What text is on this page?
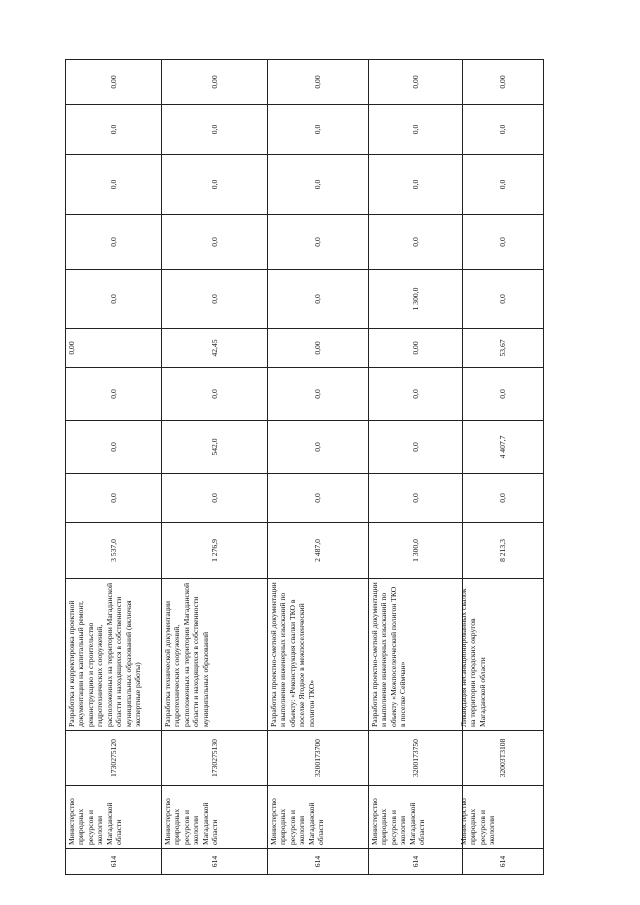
614	Министерство природных ресурсов и экологии Магаданской области	1730275120	Разработка и корректировка проектной документации на капитальный ремонт, реконструкцию и строительство гидротехнических сооружений, расположенных на территории Магаданской области и находящихся в собственности муниципальных образований (включая экспертные работы)	3 537,0	0,0	0,0	0,0	0,00	0,0	0,0	0,0	0,0	0,00
614	Министерство природных ресурсов и экологии Магаданской области	1730275130	Разработка технической документации гидротехнических сооружений, расположенных на территории Магаданской области и находящихся в собственности муниципальных образований	1 276,9	0,0	542,0	0,0	42,45	0,0	0,0	0,0	0,0	0,00
614	Министерство природных ресурсов и экологии Магаданской области	3200173700	Разработка проектно-сметной документации и выполнение инженерных изысканий по объекту: «Реконструкция свалки ТКО в поселке Ягодное в межпоселенческий полигон ТКО»	2 487,0	0,0	0,0	0,0	0,00	0,0	0,0	0,0	0,0	0,00
614	Министерство природных ресурсов и экологии Магаданской области	3200173750	Разработка проектно-сметной документации и выполнение инженерных изысканий по объекту «Межпоселенческий полигон ТКО в поселке Сеймчан»	1 300,0	0,0	0,0	0,0	0,00	1 300,0	0,0	0,0	0,0	0,00
614	Министерство природных ресурсов и экологии	32003Т3108	Ликвидация несанкционированных свалок на территории городских округов Магаданской области	8 213,3	0,0	4 407,7	0,0	53,67	0,0	0,0	0,0	0,0	0,00
